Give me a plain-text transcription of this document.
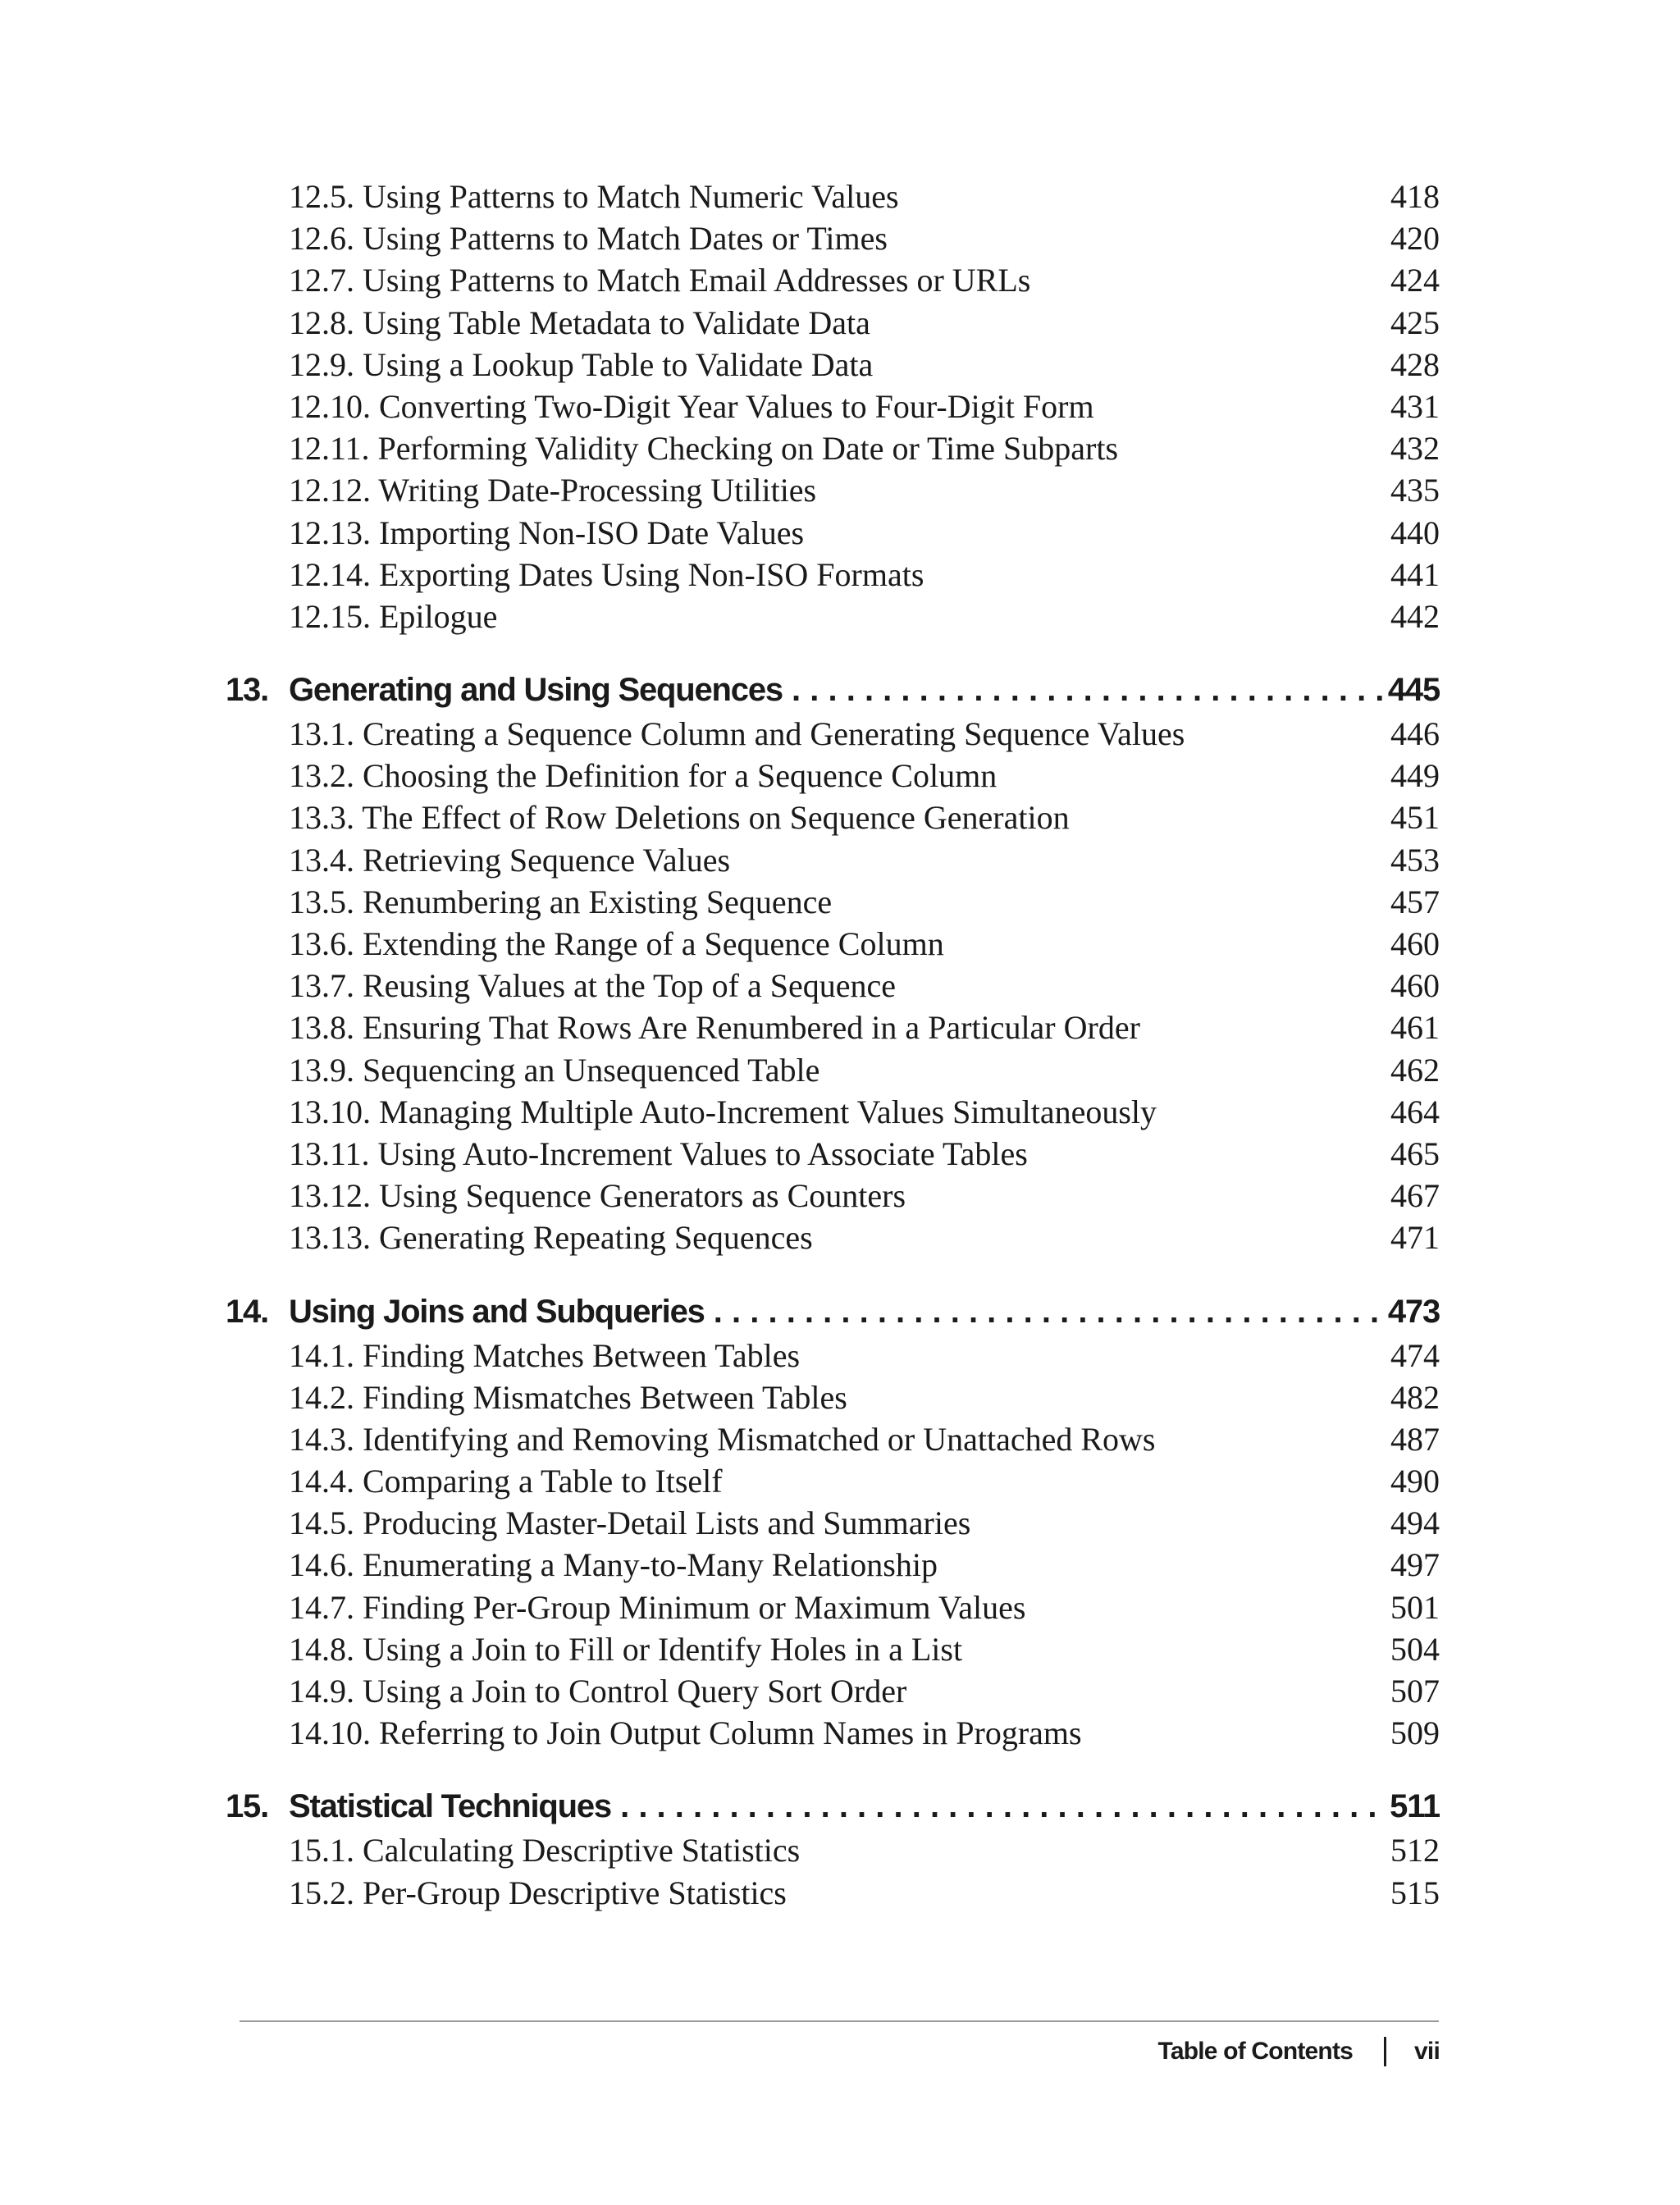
12.5. Using Patterns to Match Numeric Values	418
12.6. Using Patterns to Match Dates or Times	420
12.7. Using Patterns to Match Email Addresses or URLs	424
12.8. Using Table Metadata to Validate Data	425
12.9. Using a Lookup Table to Validate Data	428
12.10. Converting Two-Digit Year Values to Four-Digit Form	431
12.11. Performing Validity Checking on Date or Time Subparts	432
12.12. Writing Date-Processing Utilities	435
12.13. Importing Non-ISO Date Values	440
12.14. Exporting Dates Using Non-ISO Formats	441
12.15. Epilogue	442
13. Generating and Using Sequences . . .	445
13.1. Creating a Sequence Column and Generating Sequence Values	446
13.2. Choosing the Definition for a Sequence Column	449
13.3. The Effect of Row Deletions on Sequence Generation	451
13.4. Retrieving Sequence Values	453
13.5. Renumbering an Existing Sequence	457
13.6. Extending the Range of a Sequence Column	460
13.7. Reusing Values at the Top of a Sequence	460
13.8. Ensuring That Rows Are Renumbered in a Particular Order	461
13.9. Sequencing an Unsequenced Table	462
13.10. Managing Multiple Auto-Increment Values Simultaneously	464
13.11. Using Auto-Increment Values to Associate Tables	465
13.12. Using Sequence Generators as Counters	467
13.13. Generating Repeating Sequences	471
14. Using Joins and Subqueries . . .	473
14.1. Finding Matches Between Tables	474
14.2. Finding Mismatches Between Tables	482
14.3. Identifying and Removing Mismatched or Unattached Rows	487
14.4. Comparing a Table to Itself	490
14.5. Producing Master-Detail Lists and Summaries	494
14.6. Enumerating a Many-to-Many Relationship	497
14.7. Finding Per-Group Minimum or Maximum Values	501
14.8. Using a Join to Fill or Identify Holes in a List	504
14.9. Using a Join to Control Query Sort Order	507
14.10. Referring to Join Output Column Names in Programs	509
15. Statistical Techniques . . .	511
15.1. Calculating Descriptive Statistics	512
15.2. Per-Group Descriptive Statistics	515
Table of Contents	vii
